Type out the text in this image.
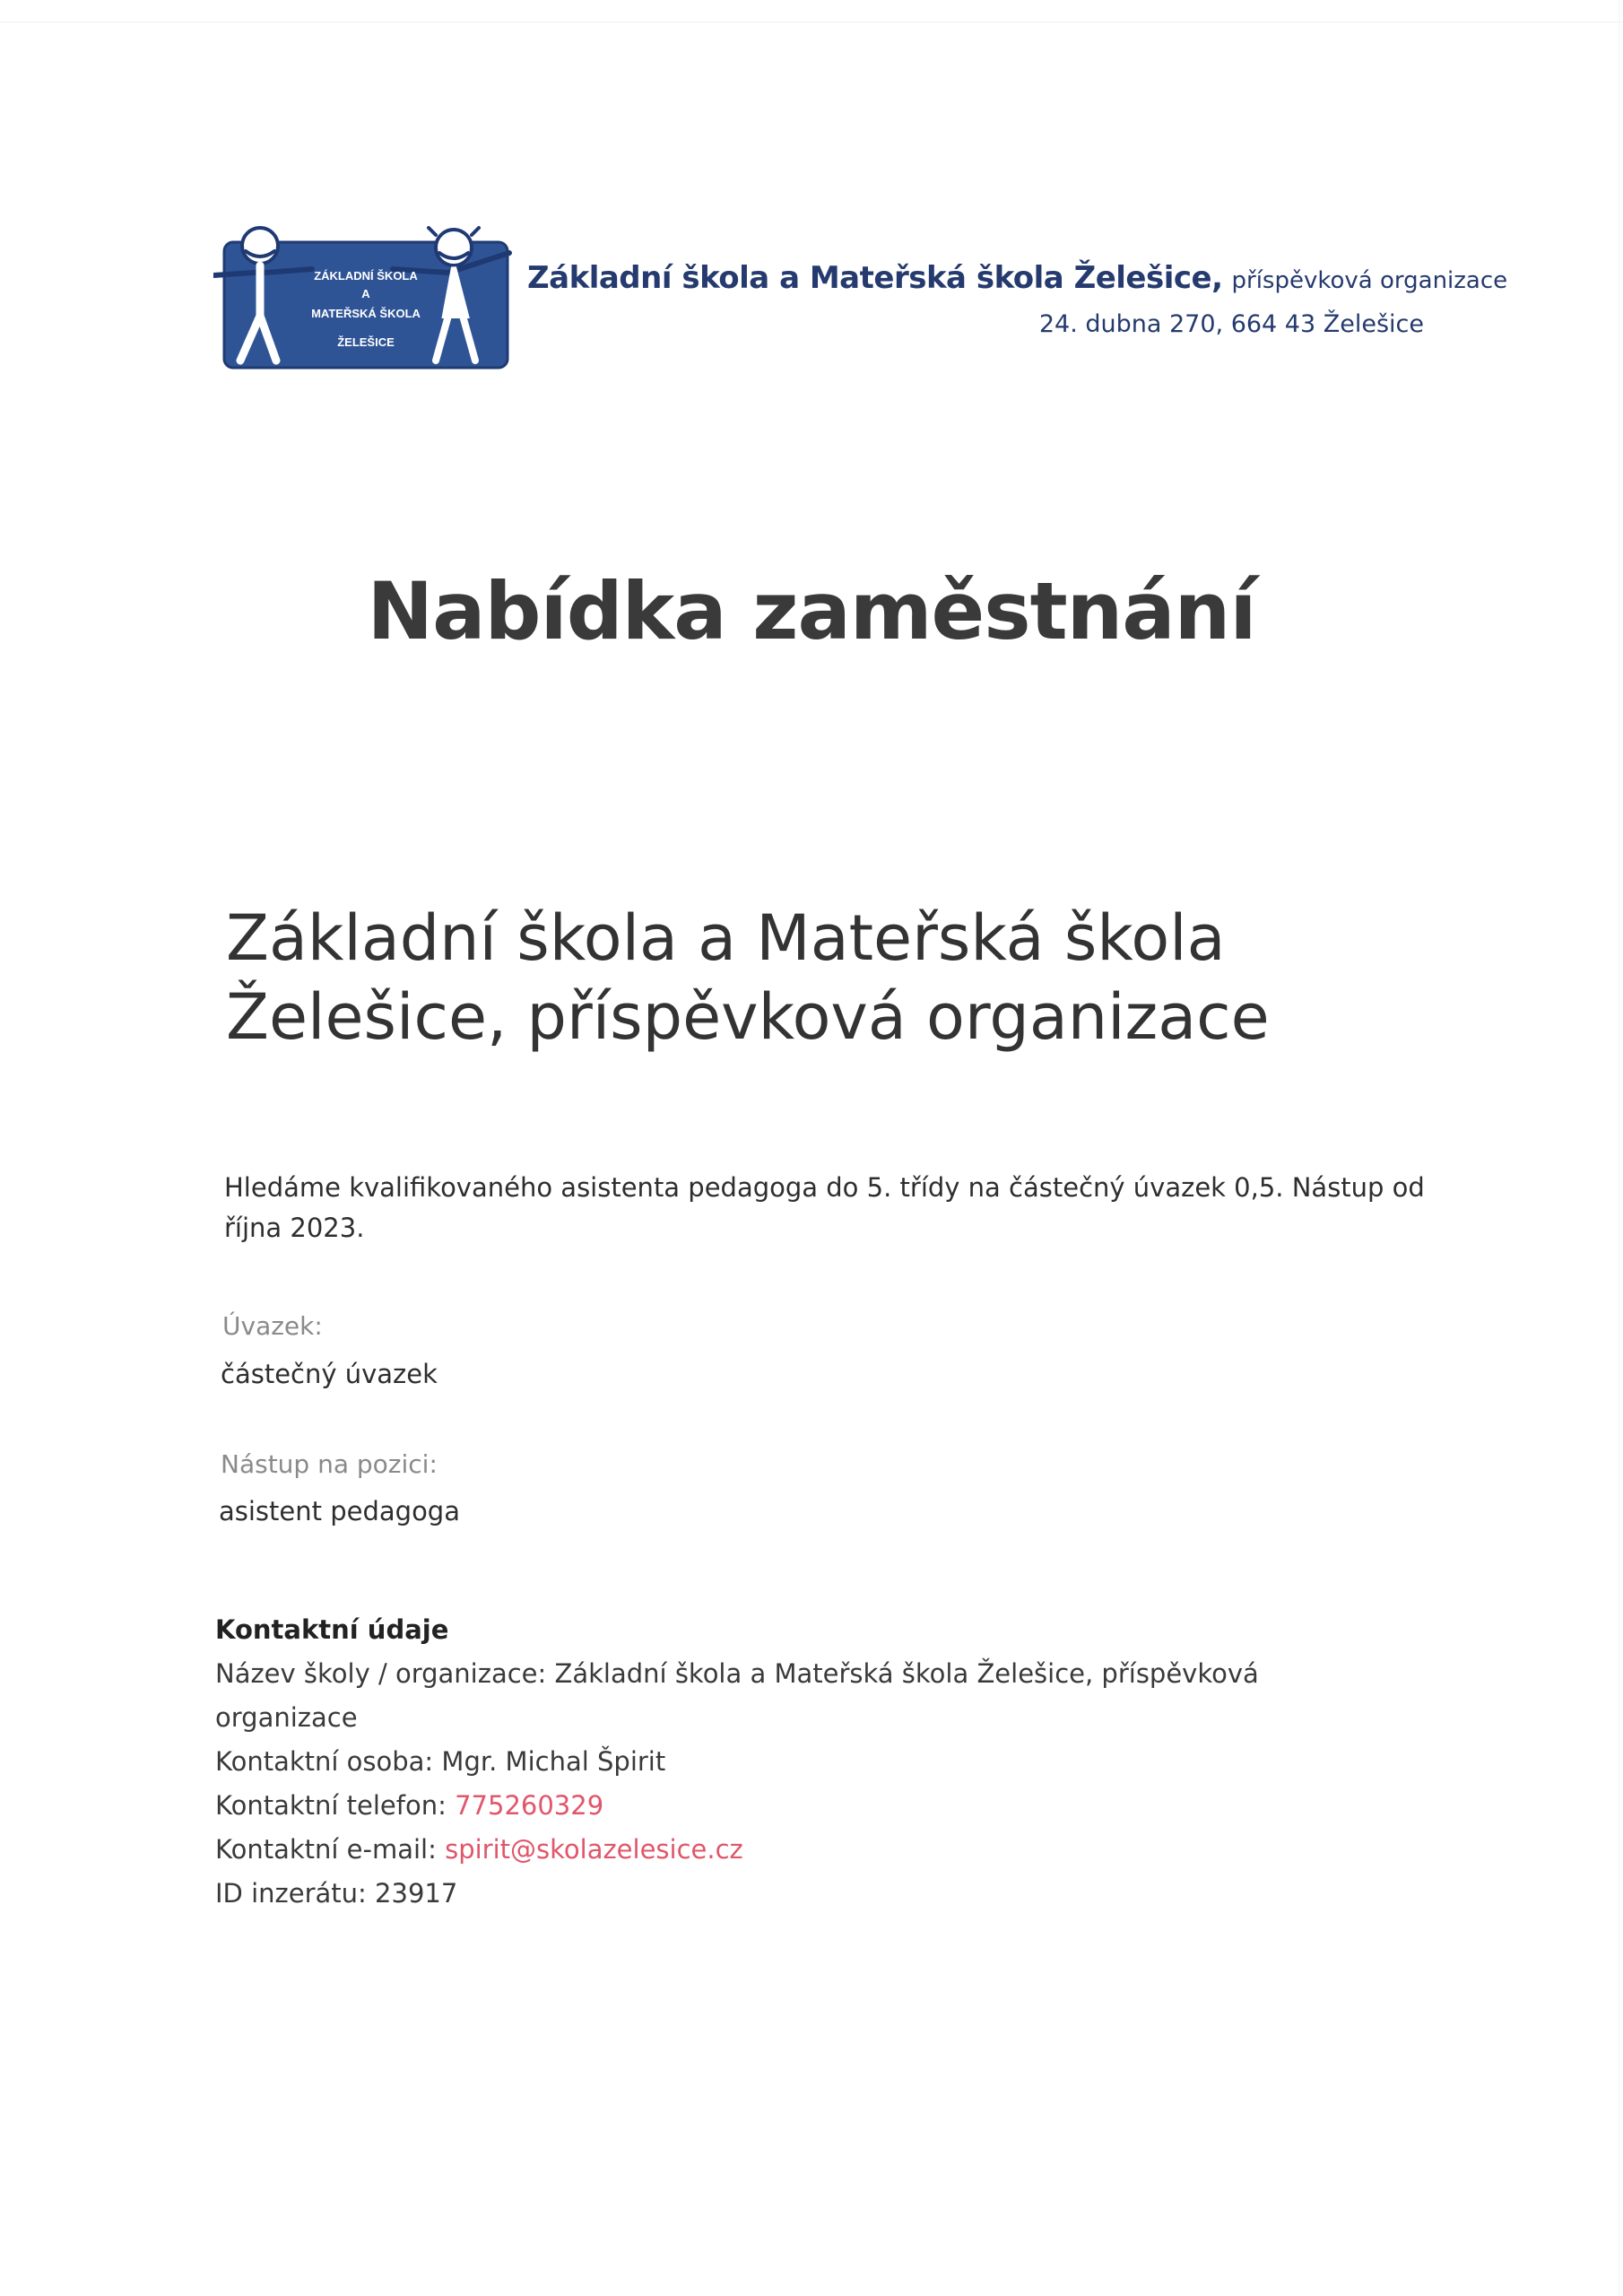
ZÁKLADNÍ ŠKOLA
A
MATEŘSKÁ ŠKOLA
ŽELEŠICE
Základní škola a Mateřská škola Želešice, příspěvková organizace
24. dubna 270, 664 43 Želešice
Nabídka zaměstnání
Základní škola a Mateřská škola Želešice, příspěvková organizace
Hledáme kvalifikovaného asistenta pedagoga do 5. třídy na částečný úvazek 0,5. Nástup od října 2023.
Úvazek:
částečný úvazek
Nástup na pozici:
asistent pedagoga
Kontaktní údaje
Název školy / organizace: Základní škola a Mateřská škola Želešice, příspěvková organizace
Kontaktní osoba: Mgr. Michal Špirit
Kontaktní telefon: 775260329
Kontaktní e-mail: spirit@skolazelesice.cz
ID inzerátu: 23917
